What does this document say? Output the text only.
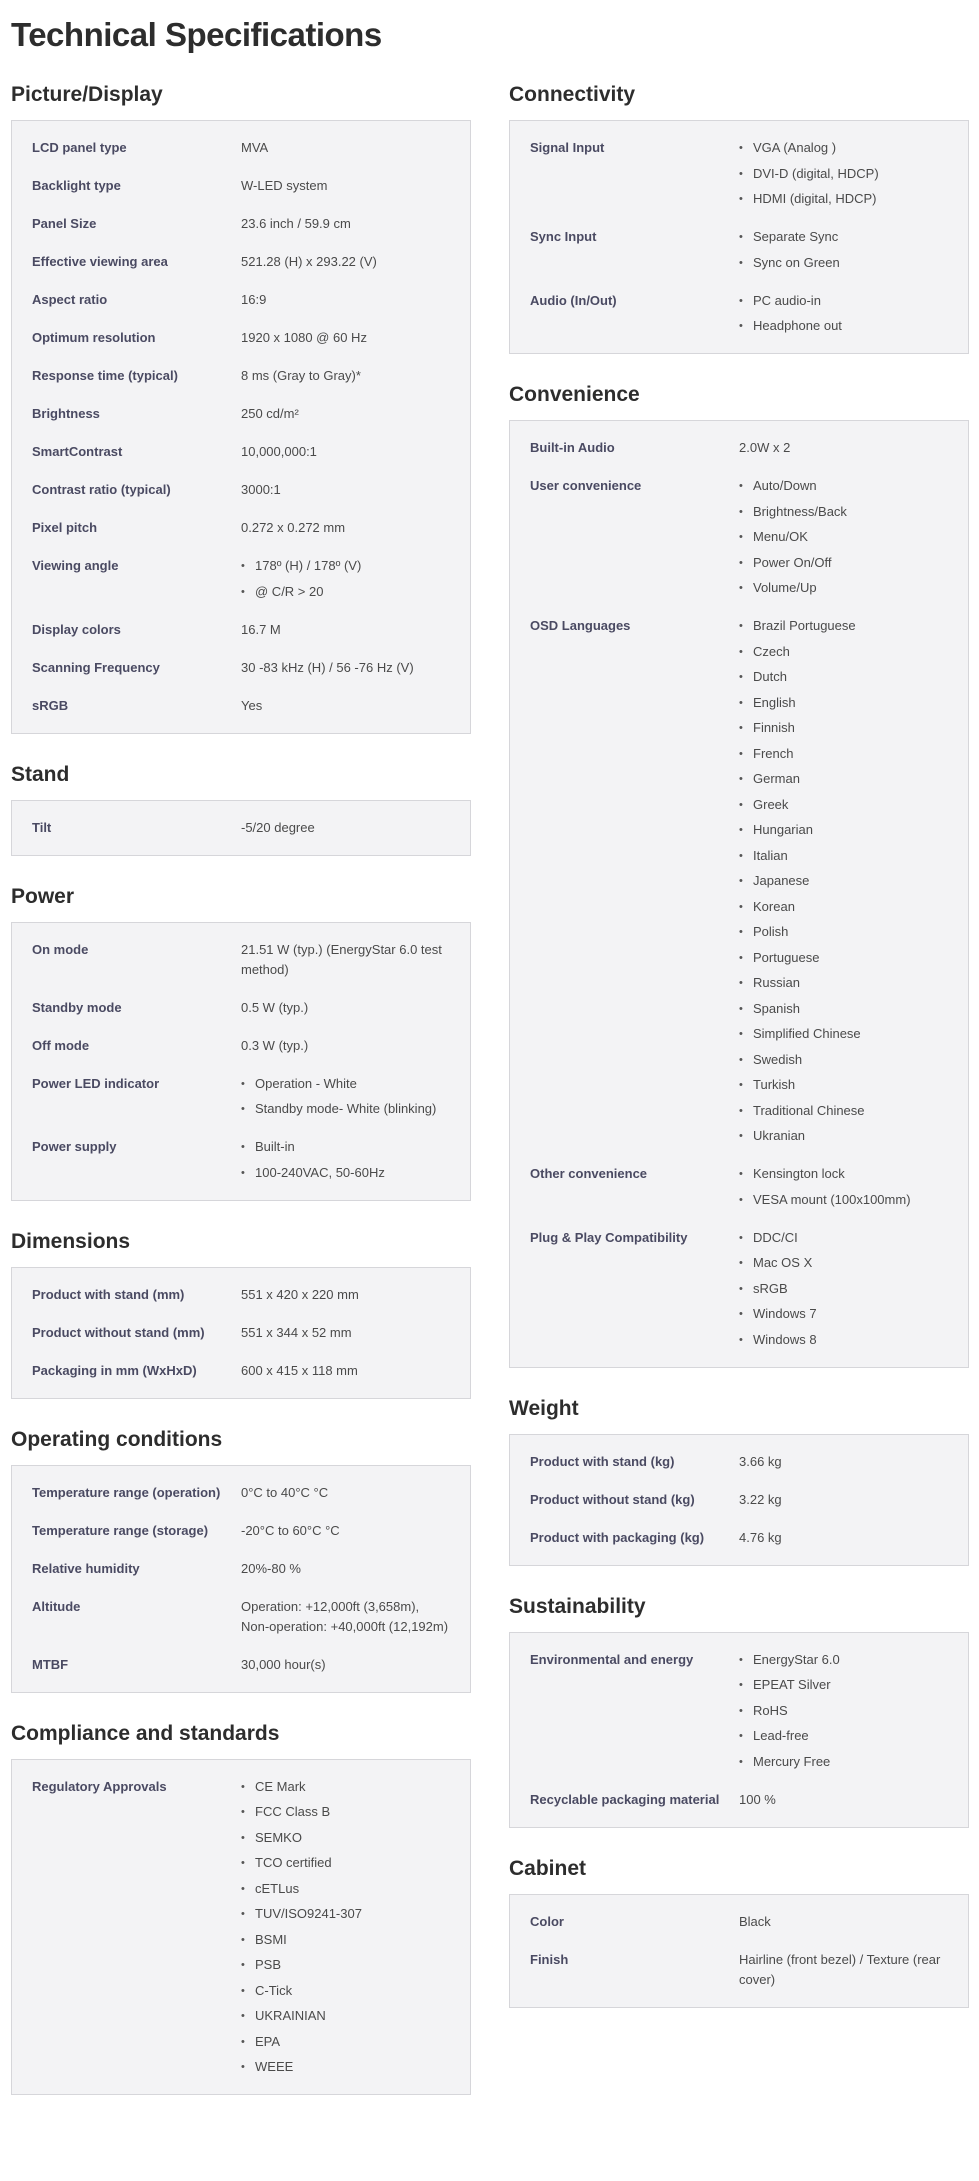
Technical Specifications
Picture/Display
LCD panel type	MVA
Backlight type	W-LED system
Panel Size	23.6 inch / 59.9 cm
Effective viewing area	521.28 (H) x 293.22 (V)
Aspect ratio	16:9
Optimum resolution	1920 x 1080 @ 60 Hz
Response time (typical)	8 ms (Gray to Gray)*
Brightness	250 cd/m²
SmartContrast	10,000,000:1
Contrast ratio (typical)	3000:1
Pixel pitch	0.272 x 0.272 mm
Viewing angle	• 178º (H) / 178º (V)
• @ C/R > 20
Display colors	16.7 M
Scanning Frequency	30 -83 kHz (H) / 56 -76 Hz (V)
sRGB	Yes
Stand
Tilt	-5/20 degree
Power
On mode	21.51 W (typ.) (EnergyStar 6.0 test method)
Standby mode	0.5 W (typ.)
Off mode	0.3 W (typ.)
Power LED indicator	• Operation - White
• Standby mode- White (blinking)
Power supply	• Built-in
• 100-240VAC, 50-60Hz
Dimensions
Product with stand (mm)	551 x 420 x 220 mm
Product without stand (mm)	551 x 344 x 52 mm
Packaging in mm (WxHxD)	600 x 415 x 118 mm
Operating conditions
Temperature range (operation)	0°C to 40°C °C
Temperature range (storage)	-20°C to 60°C °C
Relative humidity	20%-80 %
Altitude	Operation: +12,000ft (3,658m), Non-operation: +40,000ft (12,192m)
MTBF	30,000 hour(s)
Compliance and standards
Regulatory Approvals	• CE Mark
• FCC Class B
• SEMKO
• TCO certified
• cETLus
• TUV/ISO9241-307
• BSMI
• PSB
• C-Tick
• UKRAINIAN
• EPA
• WEEE
Connectivity
Signal Input	• VGA (Analog )
• DVI-D (digital, HDCP)
• HDMI (digital, HDCP)
Sync Input	• Separate Sync
• Sync on Green
Audio (In/Out)	• PC audio-in
• Headphone out
Convenience
Built-in Audio	2.0W x 2
User convenience	• Auto/Down
• Brightness/Back
• Menu/OK
• Power On/Off
• Volume/Up
OSD Languages	• Brazil Portuguese
• Czech
• Dutch
• English
• Finnish
• French
• German
• Greek
• Hungarian
• Italian
• Japanese
• Korean
• Polish
• Portuguese
• Russian
• Spanish
• Simplified Chinese
• Swedish
• Turkish
• Traditional Chinese
• Ukranian
Other convenience	• Kensington lock
• VESA mount (100x100mm)
Plug & Play Compatibility	• DDC/CI
• Mac OS X
• sRGB
• Windows 7
• Windows 8
Weight
Product with stand (kg)	3.66 kg
Product without stand (kg)	3.22 kg
Product with packaging (kg)	4.76 kg
Sustainability
Environmental and energy	• EnergyStar 6.0
• EPEAT Silver
• RoHS
• Lead-free
• Mercury Free
Recyclable packaging material	100 %
Cabinet
Color	Black
Finish	Hairline (front bezel) / Texture (rear cover)
